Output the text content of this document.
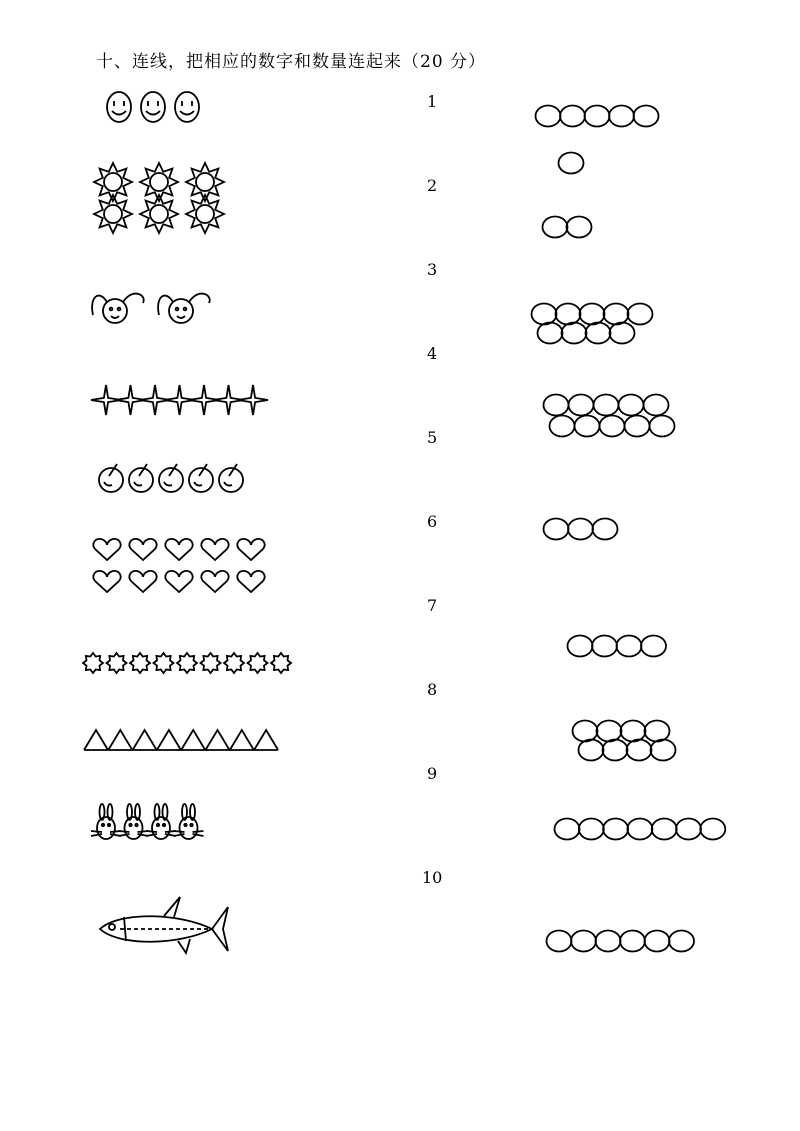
十、连线，把相应的数字和数量连起来（20 分）
1
2
3
4
5
6
7
8
9
10
